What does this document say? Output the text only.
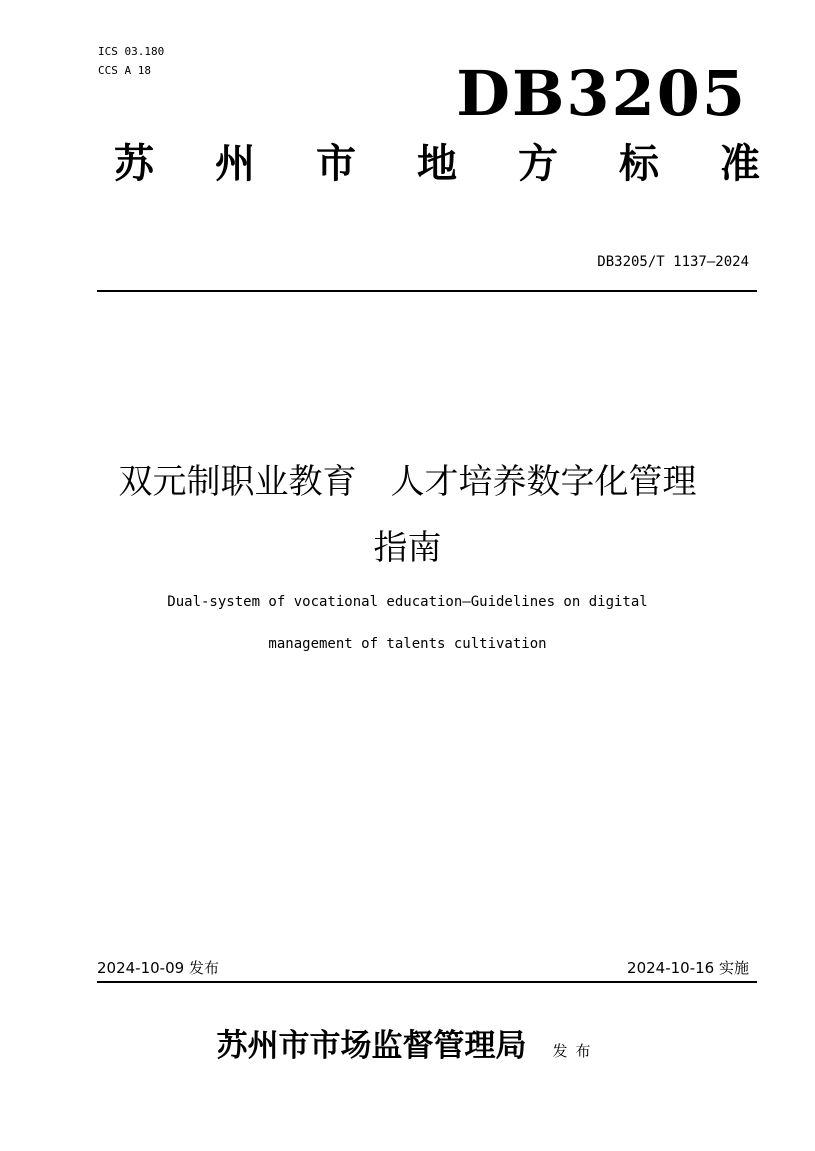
ICS 03.180
CCS A 18	DB3205
苏 州 市 地 方 标 准
DB3205/T 1137—2024
双元制职业教育　人才培养数字化管理
指南
Dual-system of vocational education—Guidelines on digital
management of talents cultivation
2024-10-09 发布	2024-10-16 实施
苏州市市场监督管理局 发布
